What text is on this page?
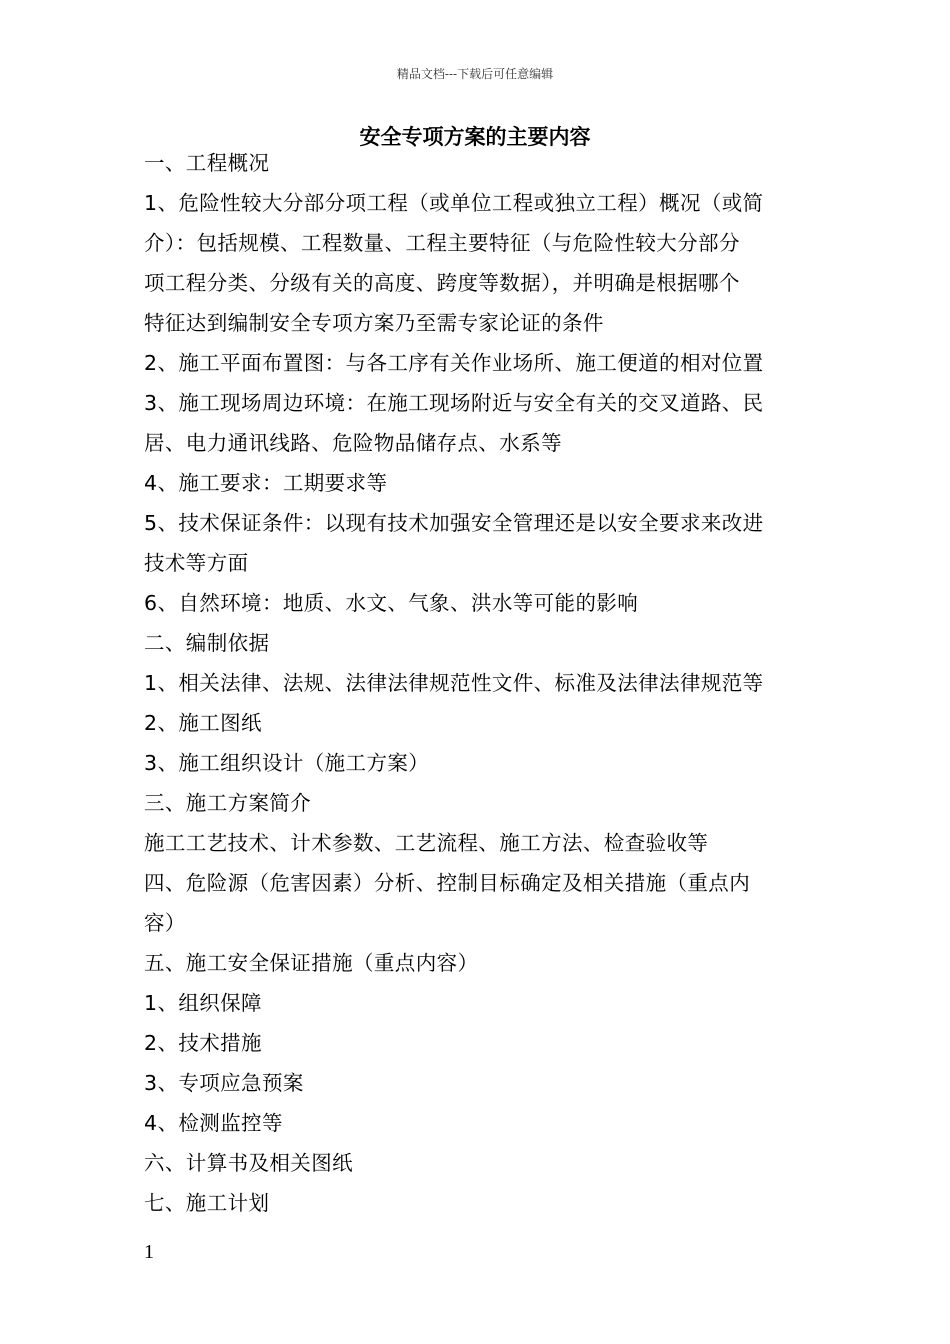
精品文档---下载后可任意编辑
安全专项方案的主要内容

一、工程概况

1、危险性较大分部分项工程（或单位工程或独立工程）概况（或简

介）：包括规模、工程数量、工程主要特征（与危险性较大分部分

项工程分类、分级有关的高度、跨度等数据），并明确是根据哪个

特征达到编制安全专项方案乃至需专家论证的条件

2、施工平面布置图：与各工序有关作业场所、施工便道的相对位置

3、施工现场周边环境：在施工现场附近与安全有关的交叉道路、民

居、电力通讯线路、危险物品储存点、水系等

4、施工要求：工期要求等

5、技术保证条件：以现有技术加强安全管理还是以安全要求来改进

技术等方面

6、自然环境：地质、水文、气象、洪水等可能的影响

二、编制依据

1、相关法律、法规、法律法律规范性文件、标准及法律法律规范等

2、施工图纸

3、施工组织设计（施工方案）

三、施工方案简介

施工工艺技术、计术参数、工艺流程、施工方法、检查验收等

四、危险源（危害因素）分析、控制目标确定及相关措施（重点内

容）

五、施工安全保证措施（重点内容）

1、组织保障

2、技术措施

3、专项应急预案

4、检测监控等

六、计算书及相关图纸

七、施工计划

1
